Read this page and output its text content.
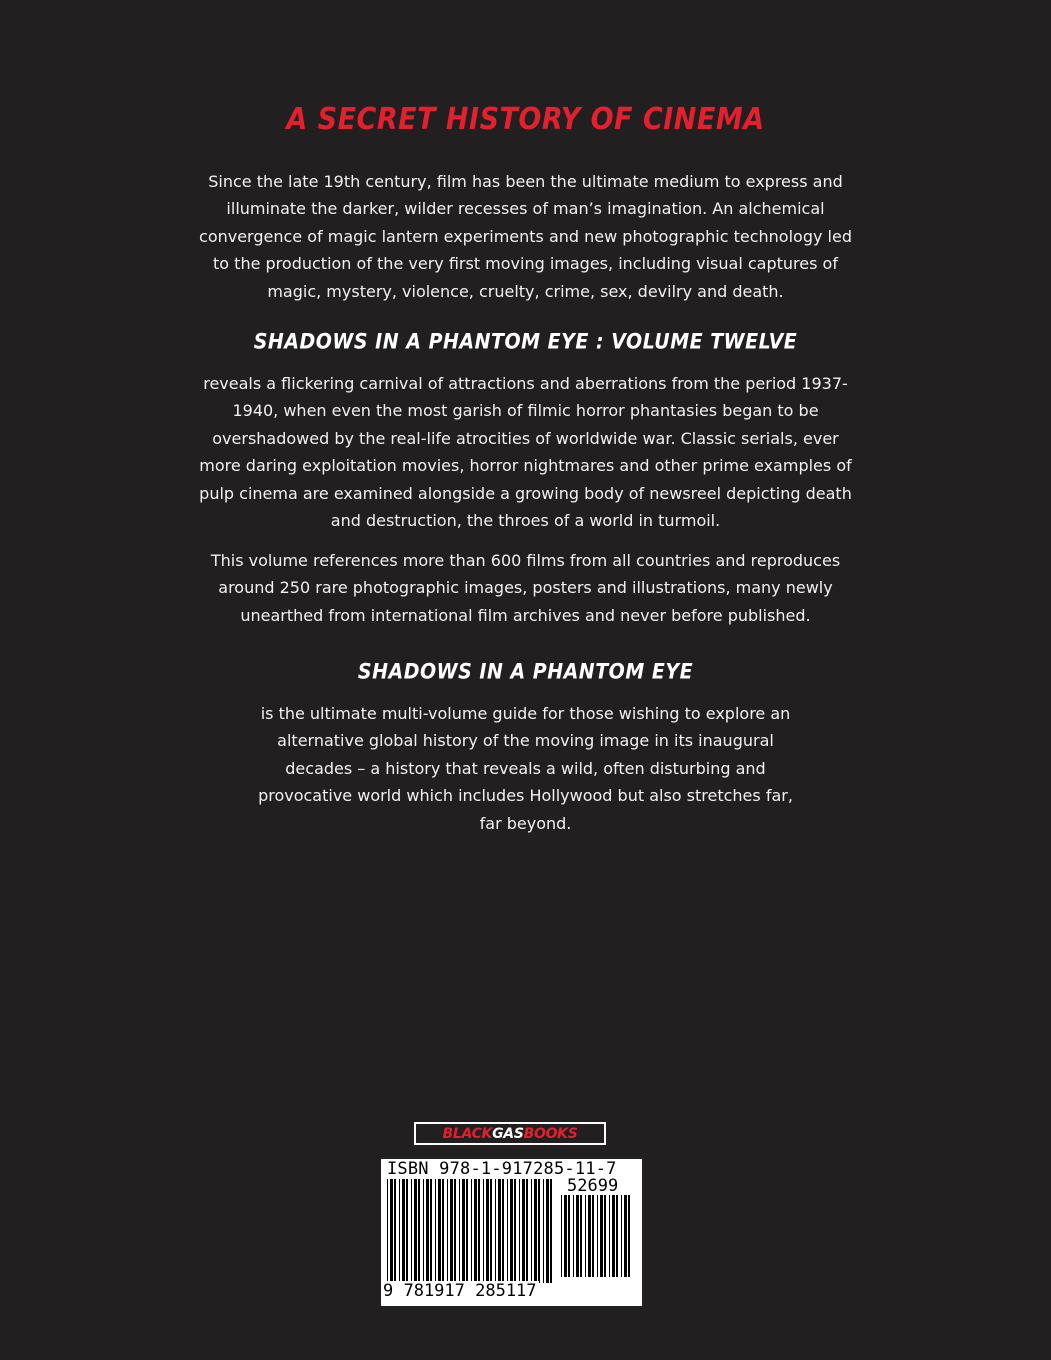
A SECRET HISTORY OF CINEMA

Since the late 19th century, film has been the ultimate medium to express and
illuminate the darker, wilder recesses of man’s imagination. An alchemical
convergence of magic lantern experiments and new photographic technology led
to the production of the very first moving images, including visual captures of
magic, mystery, violence, cruelty, crime, sex, devilry and death.

SHADOWS IN A PHANTOM EYE : VOLUME TWELVE

reveals a flickering carnival of attractions and aberrations from the period 1937-
1940, when even the most garish of filmic horror phantasies began to be
overshadowed by the real-life atrocities of worldwide war. Classic serials, ever
more daring exploitation movies, horror nightmares and other prime examples of
pulp cinema are examined alongside a growing body of newsreel depicting death
and destruction, the throes of a world in turmoil.

This volume references more than 600 films from all countries and reproduces
around 250 rare photographic images, posters and illustrations, many newly
unearthed from international film archives and never before published.

SHADOWS IN A PHANTOM EYE

is the ultimate multi-volume guide for those wishing to explore an
alternative global history of the moving image in its inaugural
decades – a history that reveals a wild, often disturbing and
provocative world which includes Hollywood but also stretches far,
far beyond.

BLACK GAS BOOKS
ISBN 978-1-917285-11-7
52699
9 781917 285117
